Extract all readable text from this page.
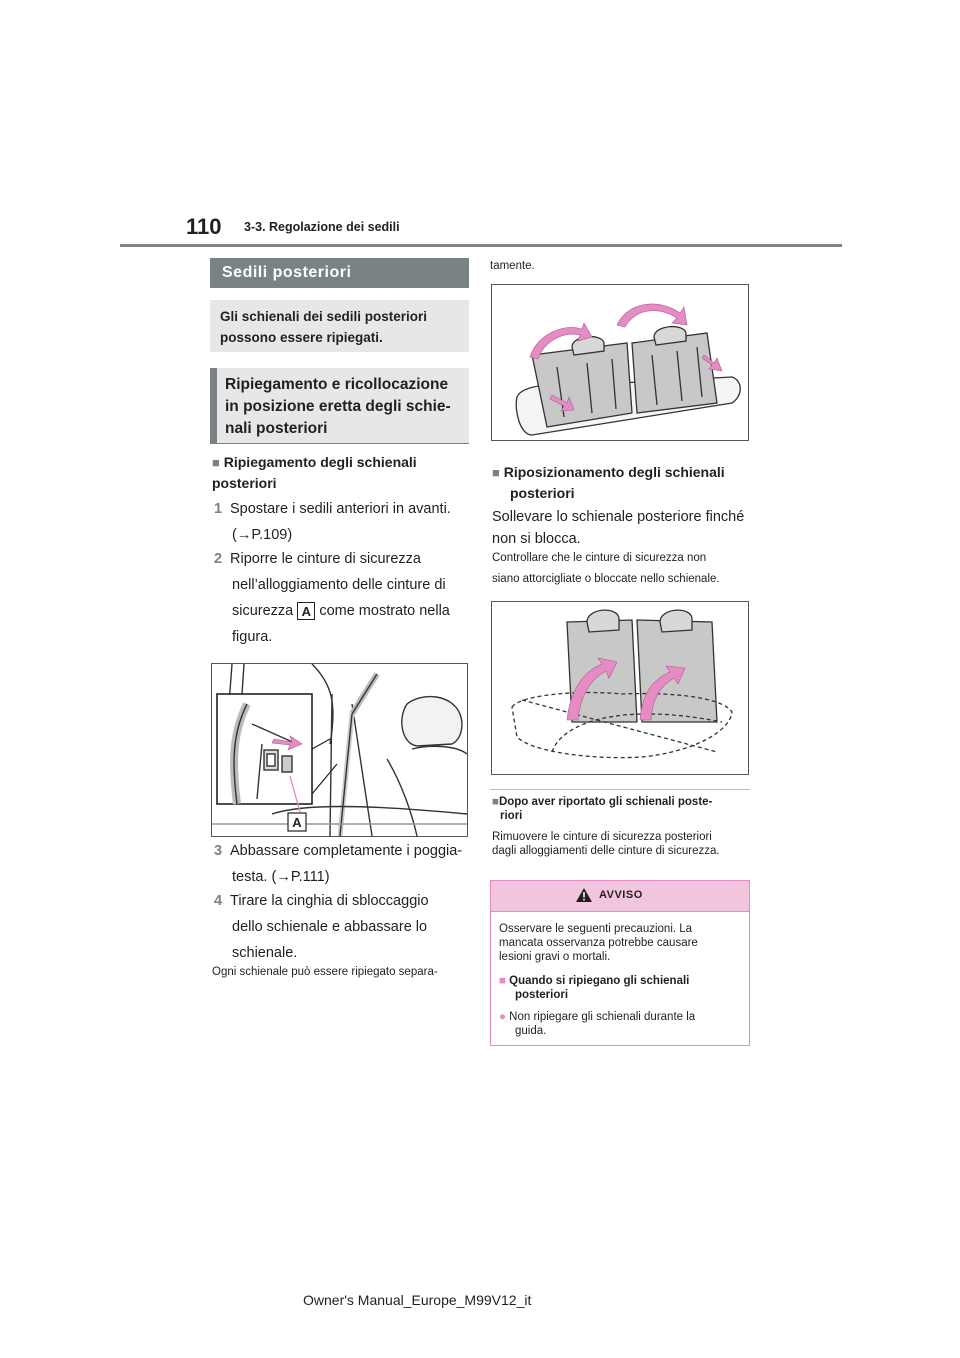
110 3-3. Regolazione dei sedili
Sedili posteriori
Gli schienali dei sedili posteriori possono essere ripiegati.
Ripiegamento e ricollocazione in posizione eretta degli schie-nali posteriori
■ Ripiegamento degli schienali posteriori
1 Spostare i sedili anteriori in avanti.
(→P.109)
2 Riporre le cinture di sicurezza
nell’alloggiamento delle cinture di
sicurezza A come mostrato nella
figura.
A
3 Abbassare completamente i poggia-
testa. (→P.111)
4 Tirare la cinghia di sbloccaggio
dello schienale e abbassare lo
schienale.
Ogni schienale può essere ripiegato separa-
tamente.
■ Riposizionamento degli schienali
posteriori
Sollevare lo schienale posteriore finché
non si blocca.
Controllare che le cinture di sicurezza non
siano attorcigliate o bloccate nello schienale.
■Dopo aver riportato gli schienali poste-
riori
Rimuovere le cinture di sicurezza posteriori
dagli alloggiamenti delle cinture di sicurezza.
AVVISO
Osservare le seguenti precauzioni. La
mancata osservanza potrebbe causare
lesioni gravi o mortali.
■ Quando si ripiegano gli schienali
posteriori
● Non ripiegare gli schienali durante la
guida.
Owner's Manual_Europe_M99V12_it
